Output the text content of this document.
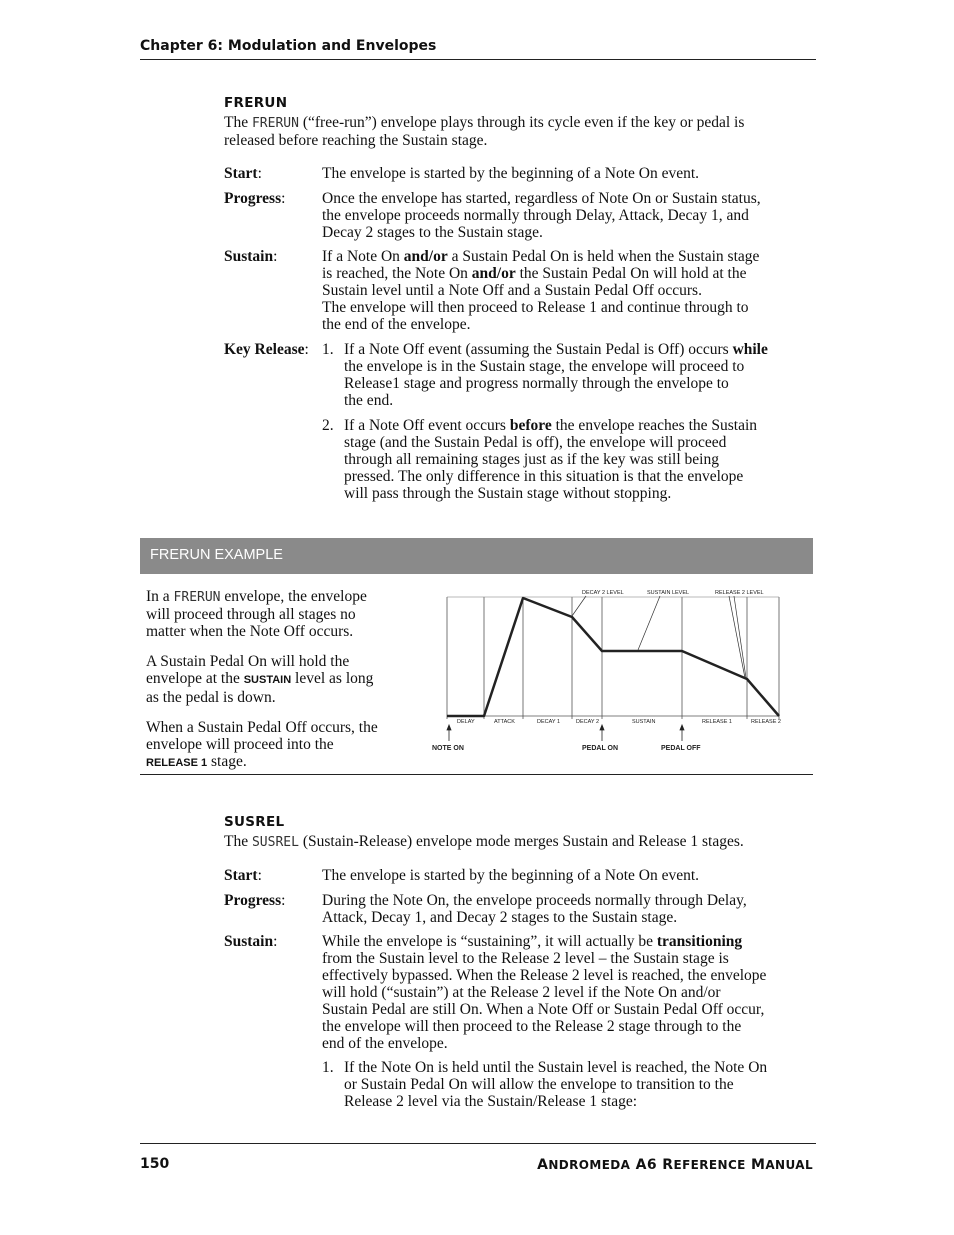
Chapter 6: Modulation and Envelopes
FRERUN
The FRERUN (“free-run”) envelope plays through its cycle even if the key or pedal is
released before reaching the Sustain stage.
Start:	The envelope is started by the beginning of a Note On event.
Progress: Once the envelope has started, regardless of Note On or Sustain status,
the envelope proceeds normally through Delay, Attack, Decay 1, and
Decay 2 stages to the Sustain stage.
Sustain:	If a Note On and/or a Sustain Pedal On is held when the Sustain stage
is reached, the Note On and/or the Sustain Pedal On will hold at the
Sustain level until a Note Off and a Sustain Pedal Off occurs.
The envelope will then proceed to Release 1 and continue through to
the end of the envelope.
Key Release: 1. If a Note Off event (assuming the Sustain Pedal is Off) occurs while
the envelope is in the Sustain stage, the envelope will proceed to
Release1 stage and progress normally through the envelope to
the end.
2. If a Note Off event occurs before the envelope reaches the Sustain
stage (and the Sustain Pedal is off), the envelope will proceed
through all remaining stages just as if the key was still being
pressed. The only difference in this situation is that the envelope
will pass through the Sustain stage without stopping.
FRERUN EXAMPLE
In a FRERUN envelope, the envelope
will proceed through all stages no
matter when the Note Off occurs.
A Sustain Pedal On will hold the
envelope at the SUSTAIN level as long
as the pedal is down.
When a Sustain Pedal Off occurs, the
envelope will proceed into the
RELEASE 1 stage.
DECAY 2 LEVEL	SUSTAIN LEVEL	RELEASE 2 LEVEL
DELAY	ATTACK	DECAY 1	DECAY 2	SUSTAIN	RELEASE 1	RELEASE 2
NOTE ON	PEDAL ON	PEDAL OFF
SUSREL
The SUSREL (Sustain-Release) envelope mode merges Sustain and Release 1 stages.
Start:	The envelope is started by the beginning of a Note On event.
Progress: During the Note On, the envelope proceeds normally through Delay,
Attack, Decay 1, and Decay 2 stages to the Sustain stage.
Sustain:	While the envelope is “sustaining”, it will actually be transitioning
from the Sustain level to the Release 2 level – the Sustain stage is
effectively bypassed. When the Release 2 level is reached, the envelope
will hold (“sustain”) at the Release 2 level if the Note On and/or
Sustain Pedal are still On. When a Note Off or Sustain Pedal Off occur,
the envelope will then proceed to the Release 2 stage through to the
end of the envelope.
1. If the Note On is held until the Sustain level is reached, the Note On
or Sustain Pedal On will allow the envelope to transition to the
Release 2 level via the Sustain/Release 1 stage:
150	ANDROMEDA A6 REFERENCE MANUAL
